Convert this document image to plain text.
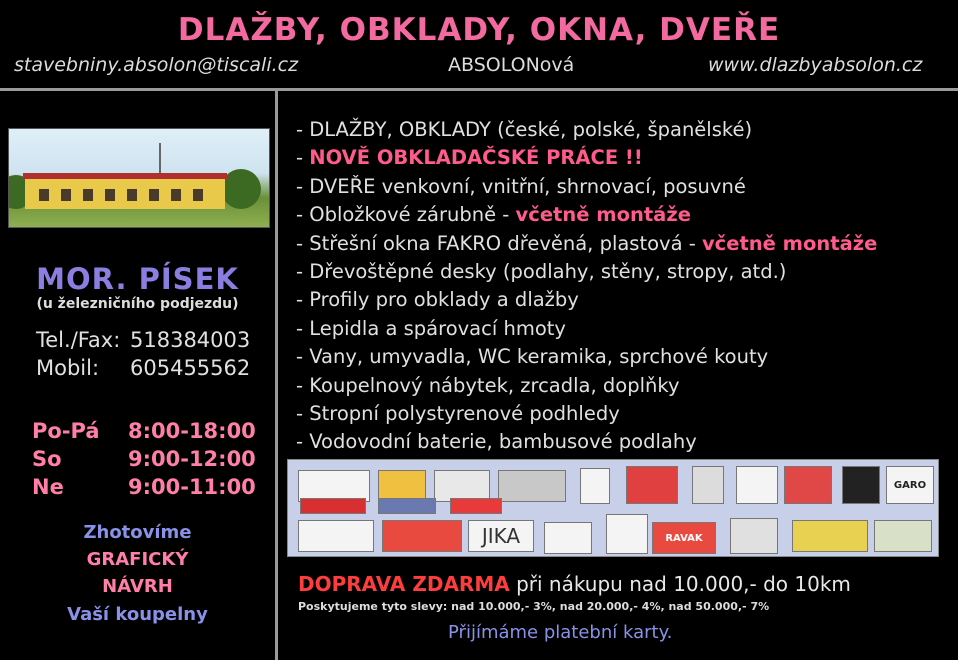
DLAŽBY, OBKLADY, OKNA, DVEŘE
stavebniny.absolon@tiscali.cz	ABSOLONová	www.dlazbyabsolon.cz
MOR. PÍSEK
(u železničního podjezdu)
Tel./Fax: 518384003
Mobil: 605455562
Po-Pá 8:00-18:00
So	9:00-12:00
Ne	9:00-11:00
Zhotovíme
GRAFICKÝ
NÁVRH
Vaší koupelny
- DLAŽBY, OBKLADY (české, polské, španělské)
- NOVĚ OBKLADAČSKÉ PRÁCE !!
- DVEŘE venkovní, vnitřní, shrnovací, posuvné
- Obložkové zárubně - včetně montáže
- Střešní okna FAKRO dřevěná, plastová - včetně montáže
- Dřevoštěpné desky (podlahy, stěny, stropy, atd.)
- Profily pro obklady a dlažby
- Lepidla a spárovací hmoty
- Vany, umyvadla, WC keramika, sprchové kouty
- Koupelnový nábytek, zrcadla, doplňky
- Stropní polystyrenové podhledy
- Vodovodní baterie, bambusové podlahy
GARO
JIKA	RAVAK
DOPRAVA ZDARMA při nákupu nad 10.000,- do 10km
Poskytujeme tyto slevy: nad 10.000,- 3%, nad 20.000,- 4%, nad 50.000,- 7%
Přijímáme platební karty.
